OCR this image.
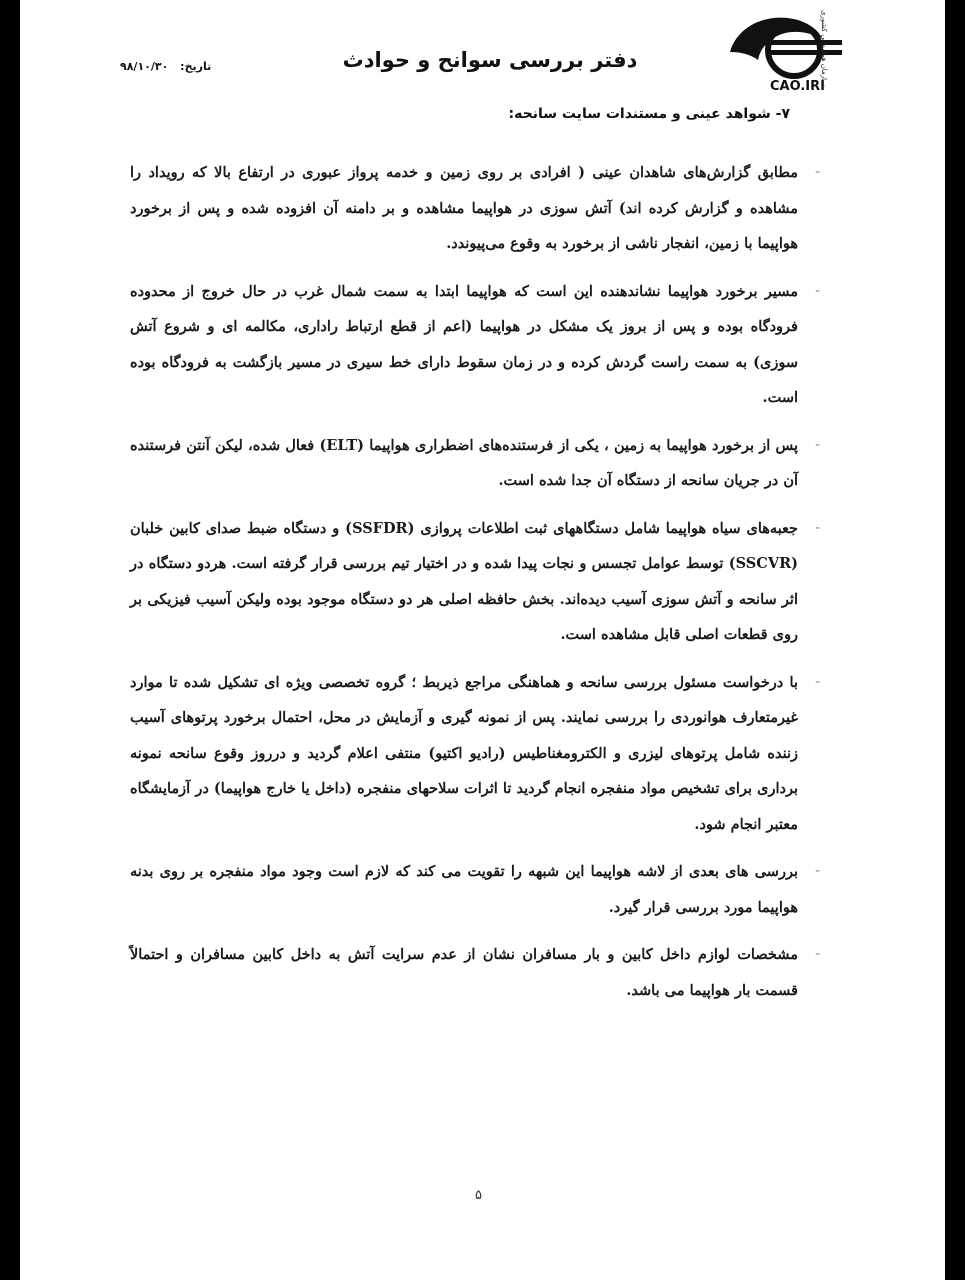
CAO.IRI
سازمان هواپیمایی کشوری
دفتر بررسی سوانح و حوادث
تاریخ: ۹۸/۱۰/۳۰
۷- شواهد عینی و مستندات سایت سانحه:

-
مطابق گزارش‌های شاهدان عینی ( افرادی بر روی زمین و خدمه پرواز عبوری در ارتفاع بالا که رویداد را مشاهده و گزارش کرده اند) آتش سوزی در هواپیما مشاهده و بر دامنه آن افزوده شده و پس از برخورد هواپیما با زمین، انفجار ناشی از برخورد به وقوع می‌پیوندد.

-
مسیر برخورد هواپیما نشاندهنده این است که هواپیما ابتدا به سمت شمال غرب در حال خروج از محدوده فرودگاه بوده و پس از بروز یک مشکل در هواپیما (اعم از قطع ارتباط راداری، مکالمه ای و شروع آتش سوزی) به سمت راست گردش کرده و در زمان سقوط دارای خط سیری در مسیر بازگشت به فرودگاه بوده است.

-
پس از برخورد هواپیما به زمین ، یکی از فرستنده‌های اضطراری هواپیما (ELT) فعال شده، لیکن آنتن فرستنده آن در جریان سانحه از دستگاه آن جدا شده است.

-
جعبه‌های سیاه هواپیما شامل دستگاههای ثبت اطلاعات پروازی (SSFDR) و دستگاه ضبط صدای کابین خلبان (SSCVR) توسط عوامل تجسس و نجات پیدا شده و در اختیار تیم بررسی قرار گرفته است. هردو دستگاه در اثر سانحه و آتش سوزی آسیب دیده‌اند. بخش حافظه اصلی هر دو دستگاه موجود بوده ولیکن آسیب فیزیکی بر روی قطعات اصلی قابل مشاهده است.

-
با درخواست مسئول بررسی سانحه و هماهنگی مراجع ذیربط ؛ گروه تخصصی ویژه ای تشکیل شده تا موارد غیرمتعارف هوانوردی را بررسی نمایند. پس از نمونه گیری و آزمایش در محل، احتمال برخورد پرتوهای آسیب زننده شامل پرتوهای لیزری و الکترومغناطیس (رادیو اکتیو) منتفی اعلام گردید و درروز وقوع سانحه نمونه برداری برای تشخیص مواد منفجره انجام گردید تا اثرات سلاحهای منفجره (داخل یا خارج هواپیما) در آزمایشگاه معتبر انجام شود.

-
بررسی های بعدی از لاشه هواپیما این شبهه را تقویت می کند که لازم است وجود مواد منفجره بر روی بدنه هواپیما مورد بررسی قرار گیرد.

-
مشخصات لوازم داخل کابین و بار مسافران نشان از عدم سرایت آتش به داخل کابین مسافران و احتمالاً قسمت بار هواپیما می باشد.

۵
